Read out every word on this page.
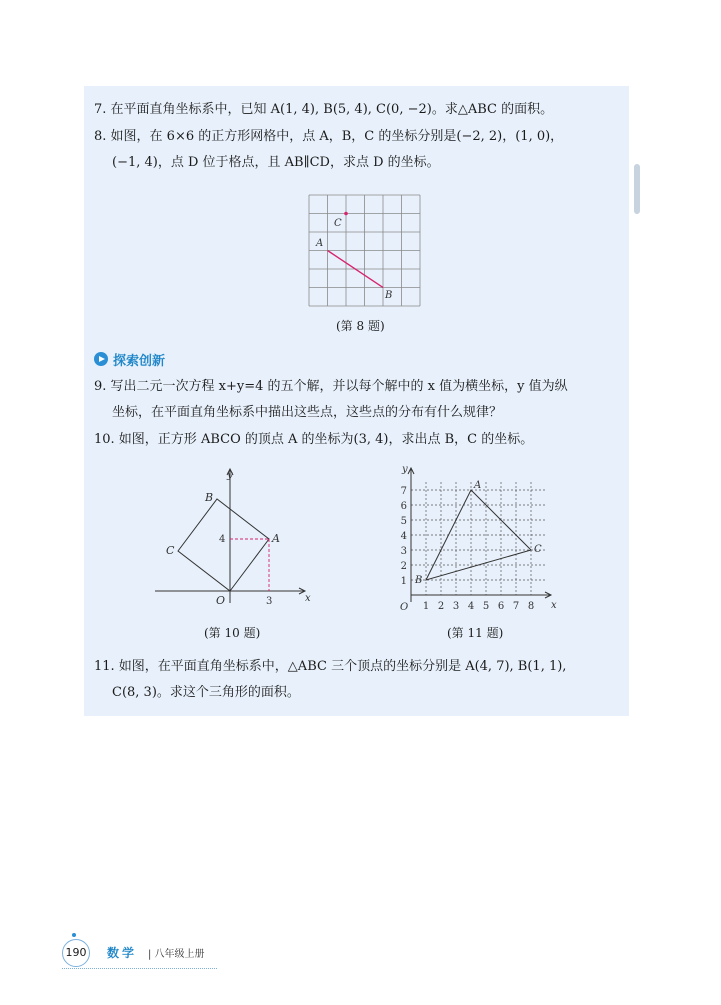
7. 在平面直角坐标系中，已知 A(1, 4), B(5, 4), C(0, −2)。求△ABC 的面积。
8. 如图，在 6×6 的正方形网格中，点 A，B，C 的坐标分别是(−2, 2)，(1, 0)，
(−1, 4)，点 D 位于格点，且 AB∥CD，求点 D 的坐标。
A
B
C
(第 8 题)
探索创新
9. 写出二元一次方程 x+y=4 的五个解，并以每个解中的 x 值为横坐标，y 值为纵
坐标，在平面直角坐标系中描出这些点，这些点的分布有什么规律？
10. 如图，正方形 ABCO 的顶点 A 的坐标为(3, 4)，求出点 B，C 的坐标。
y
x
B
A
C
O
4
3
(第 10 题)
y
x
A
B
C
O 1 2 3 4 5 6 7 8
1
2
3
4
5
6
7
(第 11 题)
11. 如图，在平面直角坐标系中，△ABC 三个顶点的坐标分别是 A(4, 7), B(1, 1),
C(8, 3)。求这个三角形的面积。
190 数学 | 八年级上册
